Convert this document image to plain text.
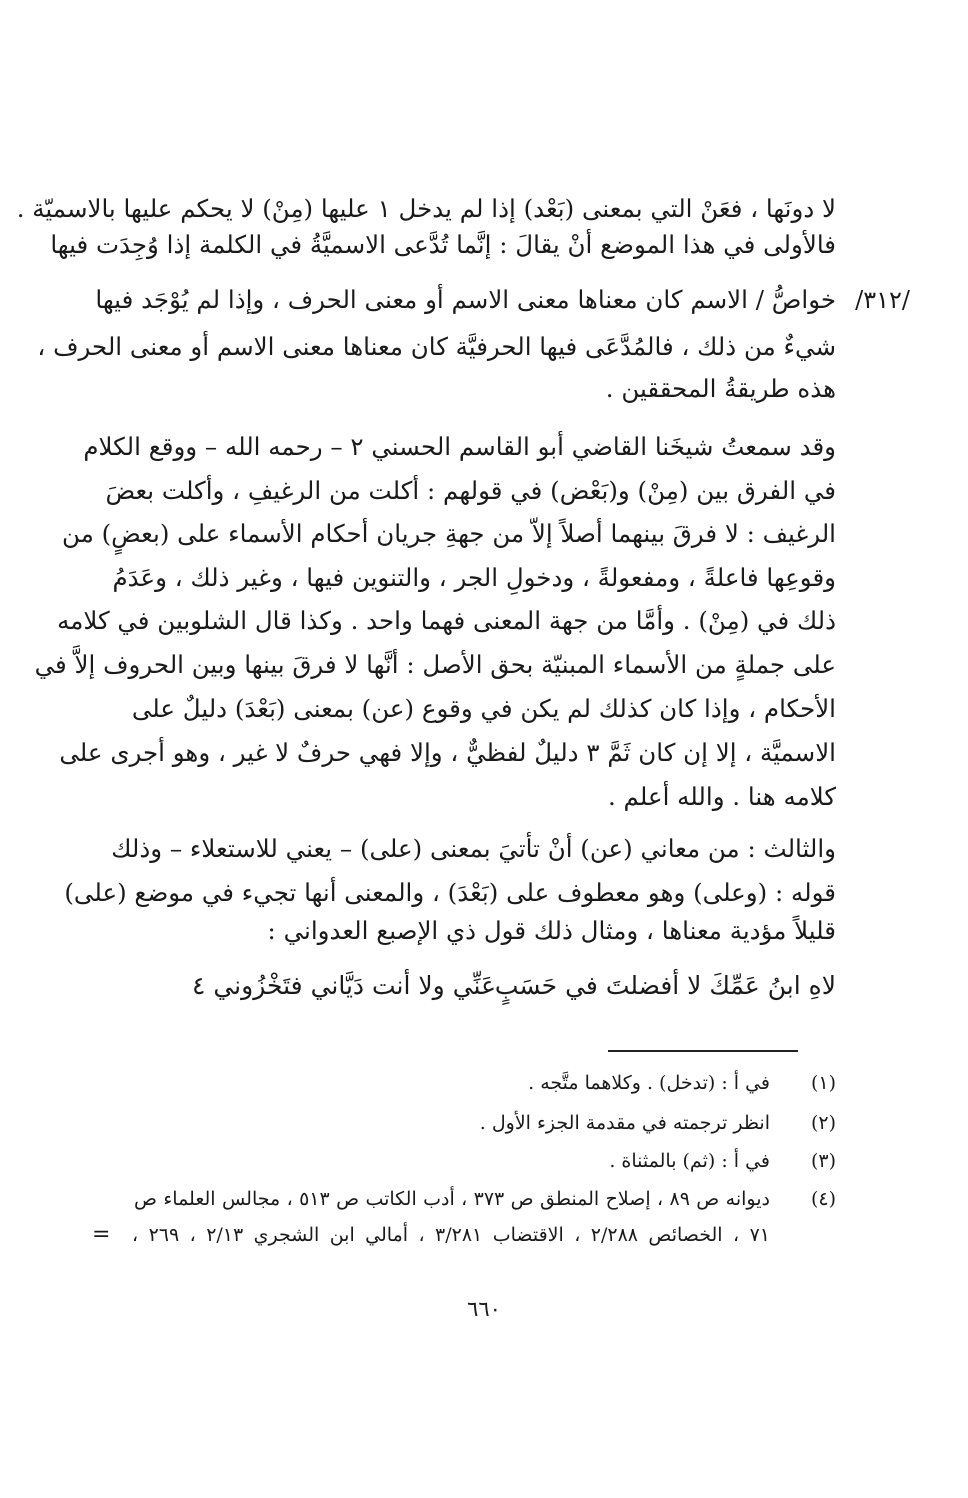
لا دونَها ، فعَنْ التي بمعنى (بَعْد) إذا لم يدخل ١ عليها (مِنْ) لا يحكم عليها بالاسميّة .
فالأولى في هذا الموضع أنْ يقالَ : إنَّما تُدَّعى الاسميَّةُ في الكلمة إذا وُجِدَت فيها
خواصُّ / الاسم كان معناها معنى الاسم أو معنى الحرف ، وإذا لم يُوْجَد فيها /٣١٢/
شيءٌ من ذلك ، فالمُدَّعَى فيها الحرفيَّة كان معناها معنى الاسم أو معنى الحرف ،
هذه طريقةُ المحققين .
وقد سمعتُ شيخَنا القاضي أبو القاسم الحسني ٢ – رحمه الله – ووقع الكلام
في الفرق بين (مِنْ) و(بَعْض) في قولهم : أكلت من الرغيفِ ، وأكلت بعضَ
الرغيف : لا فرقَ بينهما أصلاً إلاّ من جهةِ جريان أحكام الأسماء على (بعضٍ) من
وقوعِها فاعلةً ، ومفعولةً ، ودخولِ الجر ، والتنوين فيها ، وغير ذلك ، وعَدَمُ
ذلك في (مِنْ) . وأمَّا من جهة المعنى فهما واحد . وكذا قال الشلوبين في كلامه
على جملةٍ من الأسماء المبنيّة بحق الأصل : أنَّها لا فرقَ بينها وبين الحروف إلاَّ في
الأحكام ، وإذا كان كذلك لم يكن في وقوع (عن) بمعنى (بَعْدَ) دليلٌ على
الاسميَّة ، إلا إن كان ثَمَّ ٣ دليلٌ لفظيٌّ ، وإلا فهي حرفٌ لا غير ، وهو أجرى على
كلامه هنا . والله أعلم .
والثالث : من معاني (عن) أنْ تأتيَ بمعنى (على) – يعني للاستعلاء – وذلك
قوله : (وعلى) وهو معطوف على (بَعْدَ) ، والمعنى أنها تجيء في موضع (على)
قليلاً مؤدية معناها ، ومثال ذلك قول ذي الإصبع العدواني :
لاهِ ابنُ عَمِّكَ لا أفضلتَ في حَسَبٍ
عَنِّي ولا أنت دَيَّاني فتَخْزُوني ٤
(١)
في أ : (تدخل) . وكلاهما متَّجه .
(٢)
انظر ترجمته في مقدمة الجزء الأول .
(٣)
في أ : (ثم) بالمثناة .
(٤)
ديوانه ص ٨٩ ، إصلاح المنطق ص ٣٧٣ ، أدب الكاتب ص ٥١٣ ، مجالس العلماء ص
٧١ ، الخصائص ٢/٢٨٨ ، الاقتضاب ٣/٢٨١ ، أمالي ابن الشجري ٢/١٣ ، ٢٦٩ ،
=
٦٦٠
